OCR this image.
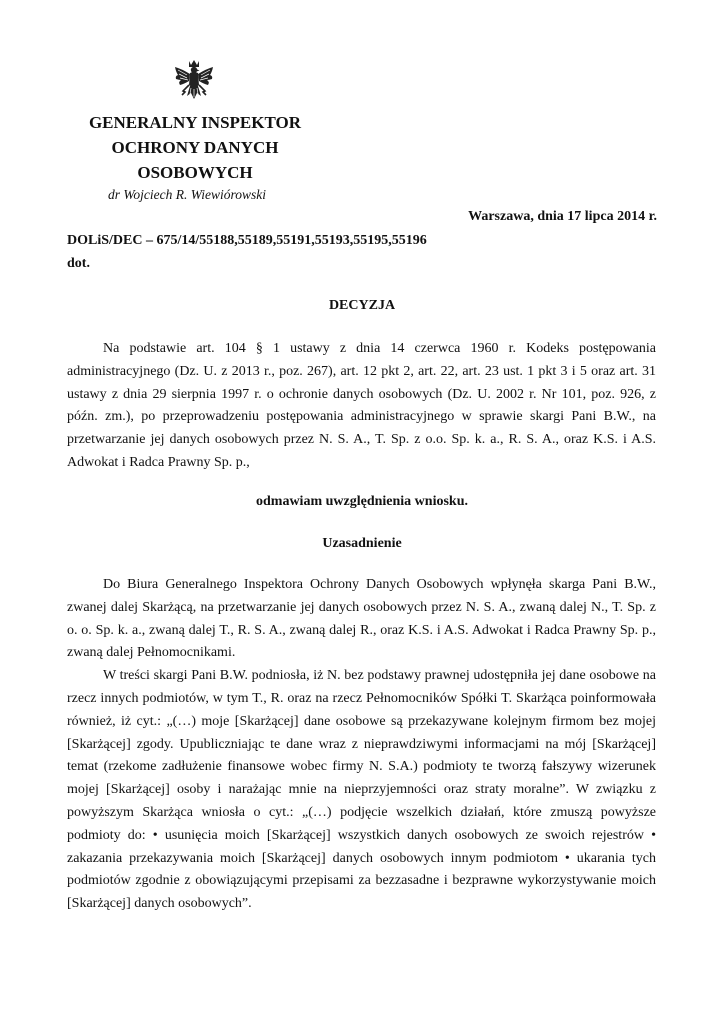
GENERALNY INSPEKTOR
OCHRONY DANYCH
OSOBOWYCH
dr Wojciech R. Wiewiórowski
Warszawa, dnia 17 lipca 2014 r.
DOLiS/DEC – 675/14/55188,55189,55191,55193,55195,55196
dot.
DECYZJA

Na podstawie art. 104 § 1 ustawy z dnia 14 czerwca 1960 r. Kodeks postępowania administracyjnego (Dz. U. z 2013 r., poz. 267), art. 12 pkt 2, art. 22, art. 23 ust. 1 pkt 3 i 5 oraz art. 31 ustawy z dnia 29 sierpnia 1997 r. o ochronie danych osobowych (Dz. U. 2002 r. Nr 101, poz. 926, z późn. zm.), po przeprowadzeniu postępowania administracyjnego w sprawie skargi Pani B.W., na przetwarzanie jej danych osobowych przez N. S. A., T. Sp. z o.o. Sp. k. a., R. S. A., oraz K.S. i A.S. Adwokat i Radca Prawny Sp. p.,

odmawiam uwzględnienia wniosku.
Uzasadnienie

Do Biura Generalnego Inspektora Ochrony Danych Osobowych wpłynęła skarga Pani B.W., zwanej dalej Skarżącą, na przetwarzanie jej danych osobowych przez N. S. A., zwaną dalej N., T. Sp. z o. o. Sp. k. a., zwaną dalej T., R. S. A., zwaną dalej R., oraz K.S. i A.S. Adwokat i Radca Prawny Sp. p., zwaną dalej Pełnomocnikami.

W treści skargi Pani B.W. podniosła, iż N. bez podstawy prawnej udostępniła jej dane osobowe na rzecz innych podmiotów, w tym T., R. oraz na rzecz Pełnomocników Spółki T. Skarżąca poinformowała również, iż cyt.: „(…) moje [Skarżącej] dane osobowe są przekazywane kolejnym firmom bez mojej [Skarżącej] zgody. Upubliczniając te dane wraz z nieprawdziwymi informacjami na mój [Skarżącej] temat (rzekome zadłużenie finansowe wobec firmy N. S.A.) podmioty te tworzą fałszywy wizerunek mojej [Skarżącej] osoby i narażając mnie na nieprzyjemności oraz straty moralne”. W związku z powyższym Skarżąca wniosła o cyt.: „(…) podjęcie wszelkich działań, które zmuszą powyższe podmioty do: • usunięcia moich [Skarżącej] wszystkich danych osobowych ze swoich rejestrów • zakazania przekazywania moich [Skarżącej] danych osobowych innym podmiotom • ukarania tych podmiotów zgodnie z obowiązującymi przepisami za bezzasadne i bezprawne wykorzystywanie moich [Skarżącej] danych osobowych”.
